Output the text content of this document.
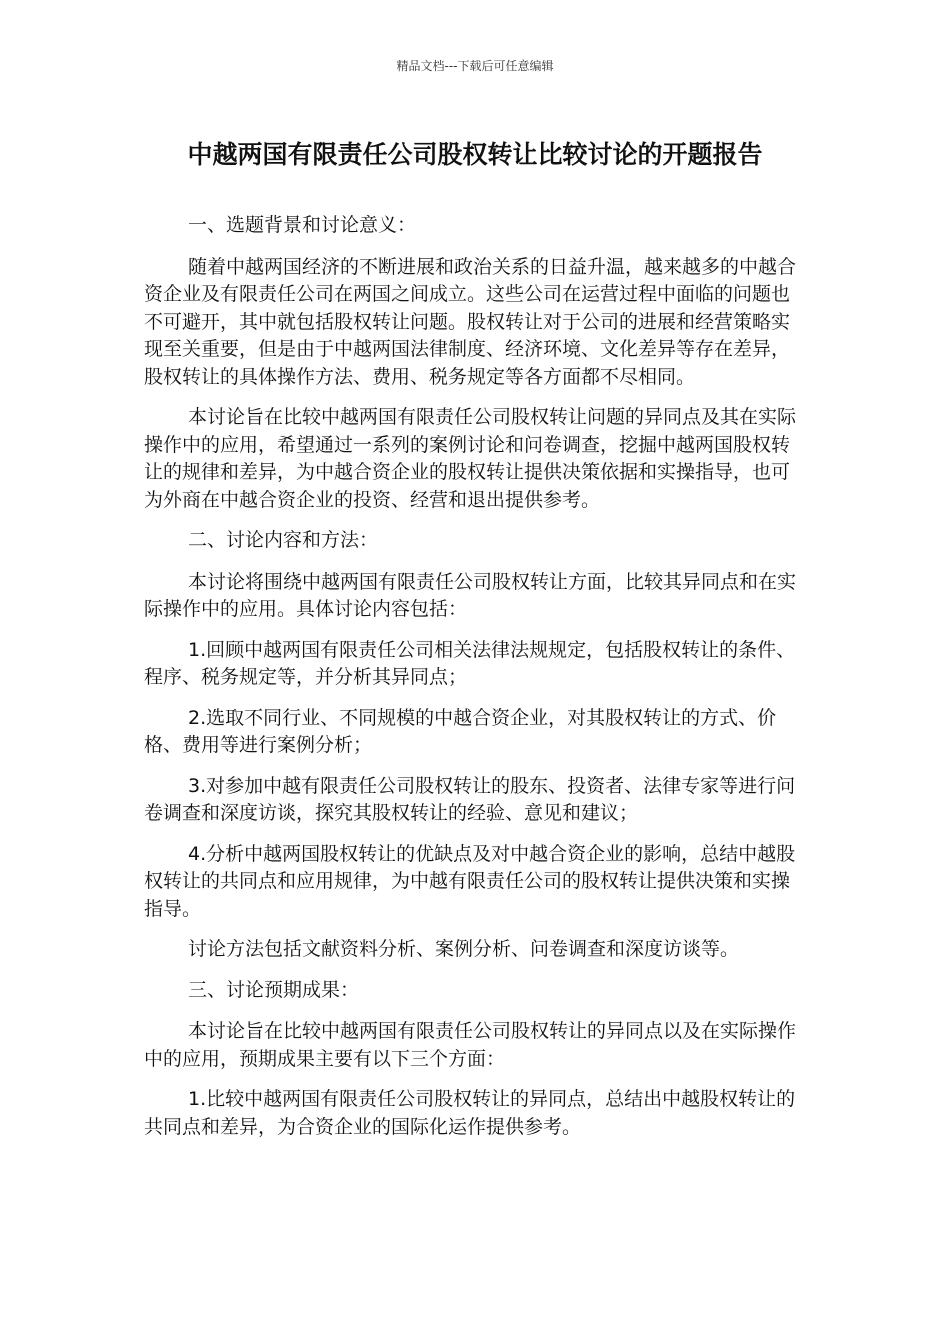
精品文档---下载后可任意编辑
中越两国有限责任公司股权转让比较讨论的开题报告

一、选题背景和讨论意义：

随着中越两国经济的不断进展和政治关系的日益升温，越来越多的中越合资企业及有限责任公司在两国之间成立。这些公司在运营过程中面临的问题也不可避开，其中就包括股权转让问题。股权转让对于公司的进展和经营策略实现至关重要，但是由于中越两国法律制度、经济环境、文化差异等存在差异，股权转让的具体操作方法、费用、税务规定等各方面都不尽相同。

本讨论旨在比较中越两国有限责任公司股权转让问题的异同点及其在实际操作中的应用，希望通过一系列的案例讨论和问卷调查，挖掘中越两国股权转让的规律和差异，为中越合资企业的股权转让提供决策依据和实操指导，也可为外商在中越合资企业的投资、经营和退出提供参考。

二、讨论内容和方法：

本讨论将围绕中越两国有限责任公司股权转让方面，比较其异同点和在实际操作中的应用。具体讨论内容包括：

1.回顾中越两国有限责任公司相关法律法规规定，包括股权转让的条件、程序、税务规定等，并分析其异同点；

2.选取不同行业、不同规模的中越合资企业，对其股权转让的方式、价格、费用等进行案例分析；

3.对参加中越有限责任公司股权转让的股东、投资者、法律专家等进行问卷调查和深度访谈，探究其股权转让的经验、意见和建议；

4.分析中越两国股权转让的优缺点及对中越合资企业的影响，总结中越股权转让的共同点和应用规律，为中越有限责任公司的股权转让提供决策和实操指导。

讨论方法包括文献资料分析、案例分析、问卷调查和深度访谈等。

三、讨论预期成果：

本讨论旨在比较中越两国有限责任公司股权转让的异同点以及在实际操作中的应用，预期成果主要有以下三个方面：

1.比较中越两国有限责任公司股权转让的异同点，总结出中越股权转让的共同点和差异，为合资企业的国际化运作提供参考。
